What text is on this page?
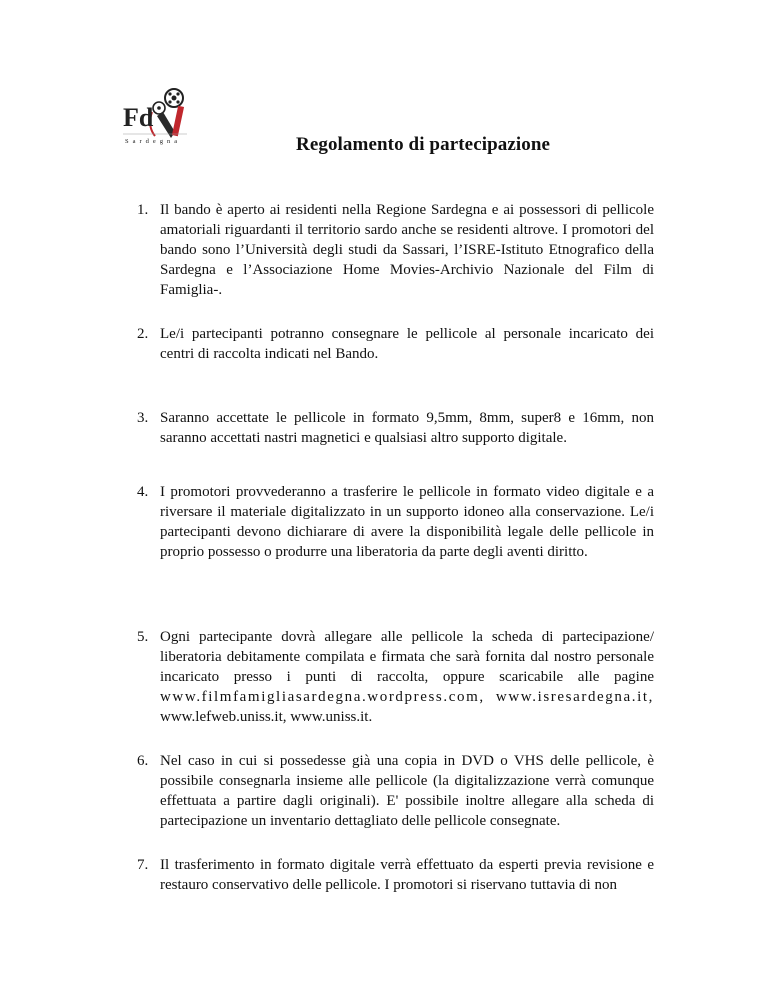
Fd
Sardegna	Regolamento di partecipazione
1. Il bando è aperto ai residenti nella Regione Sardegna e ai possessori di pellicole amatoriali riguardanti il territorio sardo anche se residenti altrove. I promotori del bando sono l’Università degli studi da Sassari, l’ISRE-Istituto Etnografico della Sardegna e l’Associazione Home Movies-Archivio Nazionale del Film di Famiglia-.
2. Le/i partecipanti potranno consegnare le pellicole al personale incaricato dei centri di raccolta indicati nel Bando.
3. Saranno accettate le pellicole in formato 9,5mm, 8mm, super8 e 16mm, non saranno accettati nastri magnetici e qualsiasi altro supporto digitale.
4. I promotori provvederanno a trasferire le pellicole in formato video digitale e a riversare il materiale digitalizzato in un supporto idoneo alla conservazione. Le/i partecipanti devono dichiarare di avere la disponibilità legale delle pellicole in proprio possesso o produrre una liberatoria da parte degli aventi diritto.
5. Ogni partecipante dovrà allegare alle pellicole la scheda di partecipazione/ liberatoria debitamente compilata e firmata che sarà fornita dal nostro personale incaricato presso i punti di raccolta, oppure scaricabile alle pagine www.filmfamigliasardegna.wordpress.com, www.isresardegna.it, www.lefweb.uniss.it, www.uniss.it.
6. Nel caso in cui si possedesse già una copia in DVD o VHS delle pellicole, è possibile consegnarla insieme alle pellicole (la digitalizzazione verrà comunque effettuata a partire dagli originali). E' possibile inoltre allegare alla scheda di partecipazione un inventario dettagliato delle pellicole consegnate.
7. Il trasferimento in formato digitale verrà effettuato da esperti previa revisione e restauro conservativo delle pellicole. I promotori si riservano tuttavia di non
